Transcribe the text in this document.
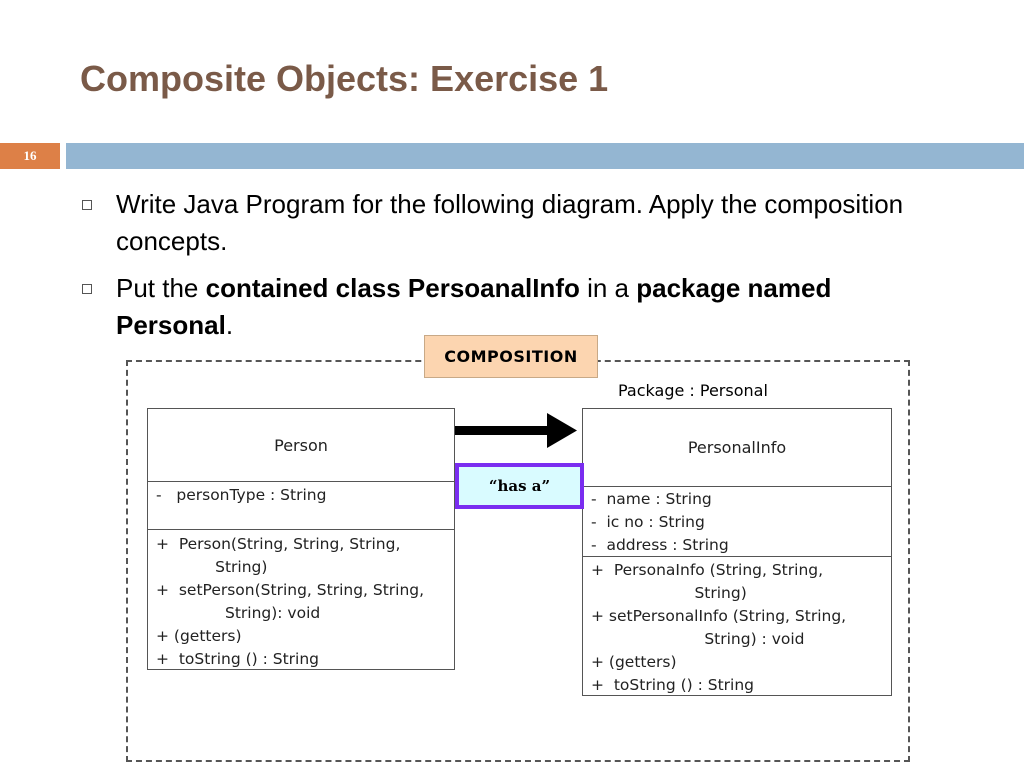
Composite Objects: Exercise 1
16
Write Java Program for the following diagram. Apply the composition concepts.
Put the contained class PersoanalInfo in a package named Personal.
COMPOSITION
Package : Personal
Person
-   personType : String
+  Person(String, String, String,
String)
+  setPerson(String, String, String,
String): void
+ (getters)
+  toString () : String
PersonalInfo
-  name : String
-  ic no : String
-  address : String
+  PersonaInfo (String, String,
String)
+ setPersonalInfo (String, String,
String) : void
+ (getters)
+  toString () : String
“has a”
